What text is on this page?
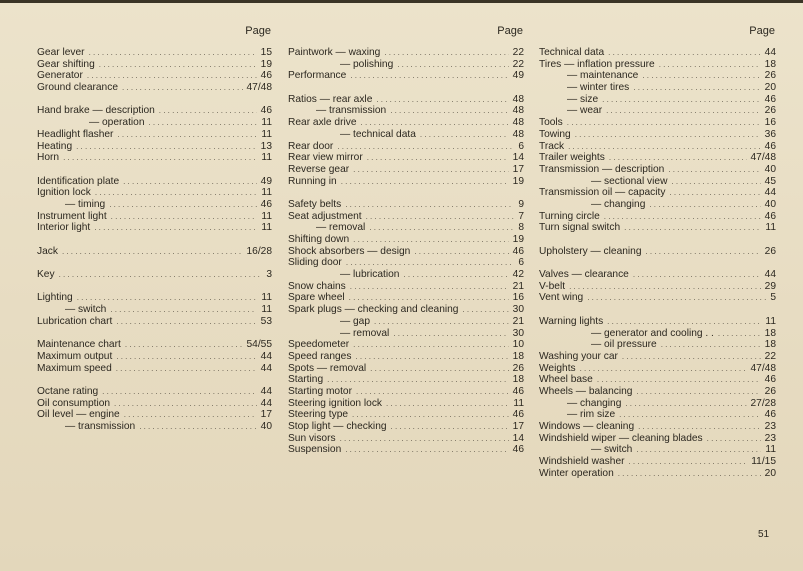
Page
Gear lever .....	15
Gear shifting .....	19
Generator .....	46
Ground clearance .....	47/48
Hand brake — description .....	46
— operation .....	11
Headlight flasher .....	11
Heating .....	13
Horn .....	11
Identification plate .....	49
Ignition lock .....	11
— timing .....	46
Instrument light .....	11
Interior light .....	11
Jack .....	16/28
Key .....	3
Lighting .....	11
— switch .....	11
Lubrication chart .....	53
Maintenance chart .....	54/55
Maximum output .....	44
Maximum speed .....	44
Octane rating .....	44
Oil consumption .....	44
Oil level — engine .....	17
— transmission .....	40
Page
Paintwork — waxing .....	22
— polishing .....	22
Performance .....	49
Ratios — rear axle .....	48
— transmission .....	48
Rear axle drive .....	48
— technical data .....	48
Rear door .....	6
Rear view mirror .....	14
Reverse gear .....	17
Running in .....	19
Safety belts .....	9
Seat adjustment .....	7
— removal .....	8
Shifting down .....	19
Shock absorbers — design .....	46
Sliding door .....	6
— lubrication .....	42
Snow chains .....	21
Spare wheel .....	16
Spark plugs — checking and cleaning .....	30
— gap .....	21
— removal .....	30
Speedometer .....	10
Speed ranges .....	18
Spots — removal .....	26
Starting .....	18
Starting motor .....	46
Steering ignition lock .....	11
Steering type .....	46
Stop light — checking .....	17
Sun visors .....	14
Suspension .....	46
Page
Technical data .....	44
Tires — inflation pressure .....	18
— maintenance .....	26
— winter tires .....	20
— size .....	46
— wear .....	26
Tools .....	16
Towing .....	36
Track .....	46
Trailer weights .....	47/48
Transmission — description .....	40
— sectional view .....	45
Transmission oil — capacity .....	44
— changing .....	40
Turning circle .....	46
Turn signal switch .....	11
Upholstery — cleaning .....	26
Valves — clearance .....	44
V-belt .....	29
Vent wing .....	5
Warning lights .....	11
— generator and cooling . . .....	18
— oil pressure .....	18
Washing your car .....	22
Weights .....	47/48
Wheel base .....	46
Wheels — balancing .....	26
— changing .....	27/28
— rim size .....	46
Windows — cleaning .....	23
Windshield wiper — cleaning blades .....	23
— switch .....	11
Windshield washer .....	11/15
Winter operation .....	20
51
